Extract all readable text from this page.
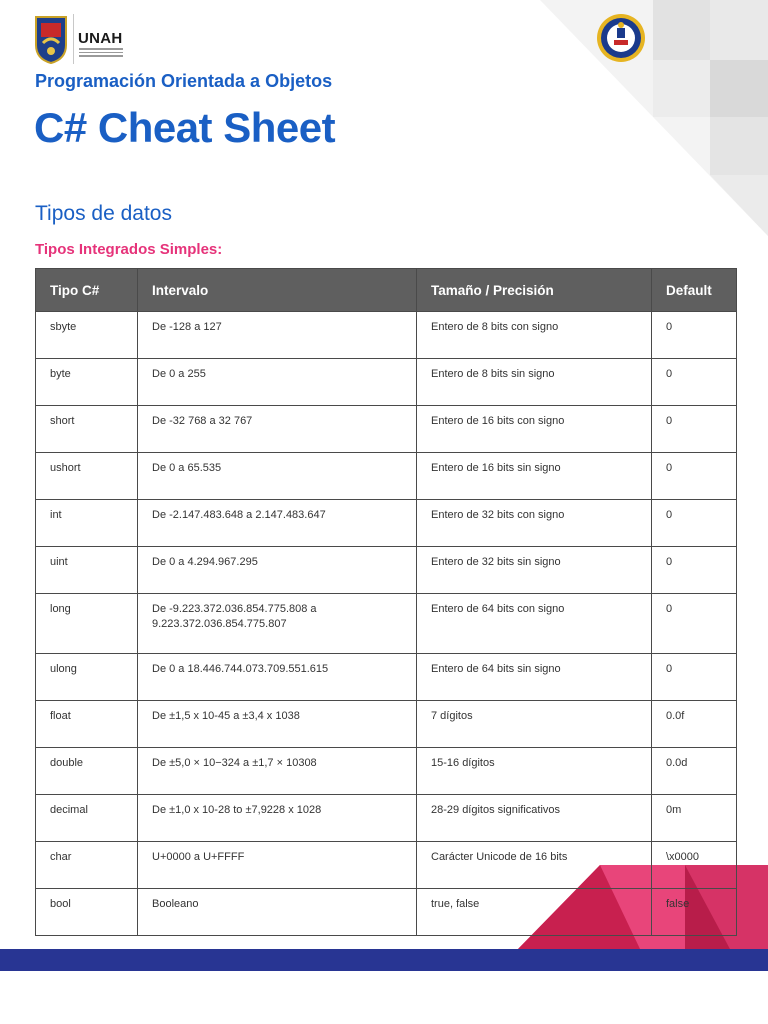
UNAH
Programación Orientada a Objetos
C# Cheat Sheet
Tipos de datos
Tipos Integrados Simples:
Tipo C#	Intervalo	Tamaño / Precisión	Default
sbyte	De -128 a 127	Entero de 8 bits con signo	0
byte	De 0 a 255	Entero de 8 bits sin signo	0
short	De -32 768 a 32 767	Entero de 16 bits con signo	0
ushort	De 0 a 65.535	Entero de 16 bits sin signo	0
int	De -2.147.483.648 a 2.147.483.647	Entero de 32 bits con signo	0
uint	De 0 a 4.294.967.295	Entero de 32 bits sin signo	0
long	De -9.223.372.036.854.775.808 a 9.223.372.036.854.775.807	Entero de 64 bits con signo	0
ulong	De 0 a 18.446.744.073.709.551.615	Entero de 64 bits sin signo	0
float	De ±1,5 x 10-45 a ±3,4 x 1038	7 dígitos	0.0f
double	De ±5,0 × 10−324 a ±1,7 × 10308	15-16 dígitos	0.0d
decimal	De ±1,0 x 10-28 to ±7,9228 x 1028	28-29 dígitos significativos	0m
char	U+0000 a U+FFFF	Carácter Unicode de 16 bits	\x0000
bool	Booleano	true, false	false
